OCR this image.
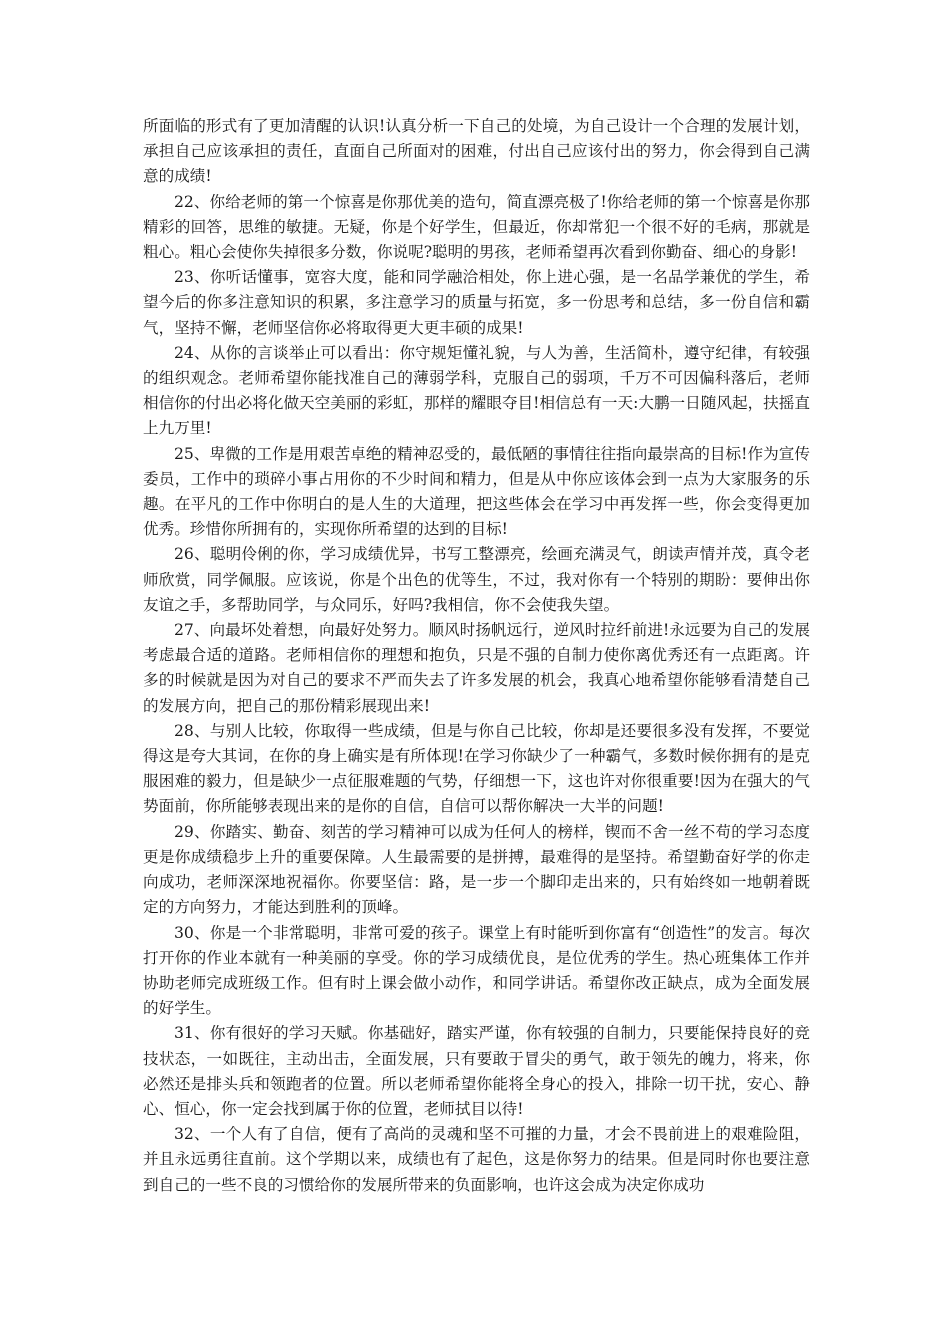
所面临的形式有了更加清醒的认识!认真分析一下自己的处境，为自己设计一个合理的发展计划，承担自己应该承担的责任，直面自己所面对的困难，付出自己应该付出的努力，你会得到自己满意的成绩!

22、你给老师的第一个惊喜是你那优美的造句，简直漂亮极了!你给老师的第一个惊喜是你那精彩的回答，思维的敏捷。无疑，你是个好学生，但最近，你却常犯一个很不好的毛病，那就是粗心。粗心会使你失掉很多分数，你说呢?聪明的男孩，老师希望再次看到你勤奋、细心的身影!

23、你听话懂事，宽容大度，能和同学融洽相处，你上进心强，是一名品学兼优的学生，希望今后的你多注意知识的积累，多注意学习的质量与拓宽，多一份思考和总结，多一份自信和霸气，坚持不懈，老师坚信你必将取得更大更丰硕的成果!

24、从你的言谈举止可以看出：你守规矩懂礼貌，与人为善，生活简朴，遵守纪律，有较强的组织观念。老师希望你能找准自己的薄弱学科，克服自己的弱项，千万不可因偏科落后，老师相信你的付出必将化做天空美丽的彩虹，那样的耀眼夺目!相信总有一天:大鹏一日随风起，扶摇直上九万里!

25、卑微的工作是用艰苦卓绝的精神忍受的，最低陋的事情往往指向最崇高的目标!作为宣传委员，工作中的琐碎小事占用你的不少时间和精力，但是从中你应该体会到一点为大家服务的乐趣。在平凡的工作中你明白的是人生的大道理，把这些体会在学习中再发挥一些，你会变得更加优秀。珍惜你所拥有的，实现你所希望的达到的目标!

26、聪明伶俐的你，学习成绩优异，书写工整漂亮，绘画充满灵气，朗读声情并茂，真令老师欣赏，同学佩服。应该说，你是个出色的优等生，不过，我对你有一个特别的期盼：要伸出你友谊之手，多帮助同学，与众同乐，好吗?我相信，你不会使我失望。

27、向最坏处着想，向最好处努力。顺风时扬帆远行，逆风时拉纤前进!永远要为自己的发展考虑最合适的道路。老师相信你的理想和抱负，只是不强的自制力使你离优秀还有一点距离。许多的时候就是因为对自己的要求不严而失去了许多发展的机会，我真心地希望你能够看清楚自己的发展方向，把自己的那份精彩展现出来!

28、与别人比较，你取得一些成绩，但是与你自己比较，你却是还要很多没有发挥，不要觉得这是夸大其词，在你的身上确实是有所体现!在学习你缺少了一种霸气，多数时候你拥有的是克服困难的毅力，但是缺少一点征服难题的气势，仔细想一下，这也许对你很重要!因为在强大的气势面前，你所能够表现出来的是你的自信，自信可以帮你解决一大半的问题!

29、你踏实、勤奋、刻苦的学习精神可以成为任何人的榜样，锲而不舍一丝不苟的学习态度更是你成绩稳步上升的重要保障。人生最需要的是拼搏，最难得的是坚持。希望勤奋好学的你走向成功，老师深深地祝福你。你要坚信：路，是一步一个脚印走出来的，只有始终如一地朝着既定的方向努力，才能达到胜利的顶峰。

30、你是一个非常聪明，非常可爱的孩子。课堂上有时能听到你富有“创造性”的发言。每次打开你的作业本就有一种美丽的享受。你的学习成绩优良，是位优秀的学生。热心班集体工作并协助老师完成班级工作。但有时上课会做小动作，和同学讲话。希望你改正缺点，成为全面发展的好学生。

31、你有很好的学习天赋。你基础好，踏实严谨，你有较强的自制力，只要能保持良好的竞技状态，一如既往，主动出击，全面发展，只有要敢于冒尖的勇气，敢于领先的魄力，将来，你必然还是排头兵和领跑者的位置。所以老师希望你能将全身心的投入，排除一切干扰，安心、静心、恒心，你一定会找到属于你的位置，老师拭目以待!

32、一个人有了自信，便有了高尚的灵魂和坚不可摧的力量，才会不畏前进上的艰难险阻，并且永远勇往直前。这个学期以来，成绩也有了起色，这是你努力的结果。但是同时你也要注意到自己的一些不良的习惯给你的发展所带来的负面影响，也许这会成为决定你成功
